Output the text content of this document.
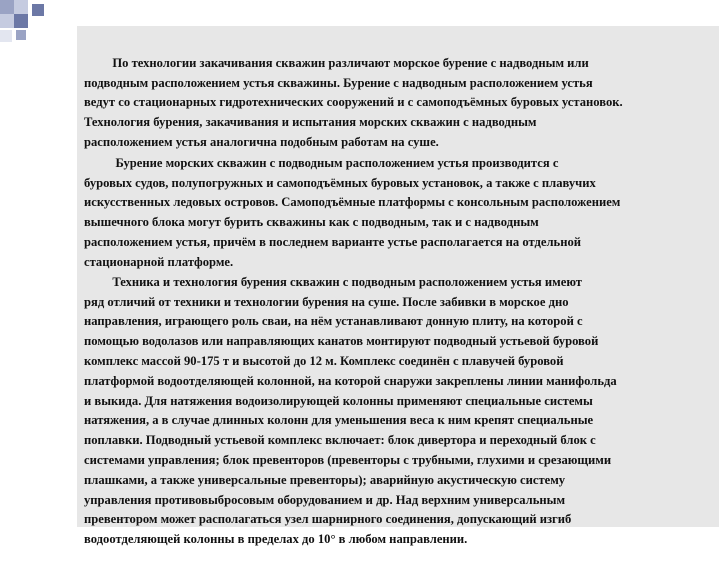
По технологии закачивания скважин различают морское бурение с надводным или
подводным расположением устья скважины. Бурение с надводным расположением устья
ведут со стационарных гидротехнических сооружений и с самоподъёмных буровых установок.
Технология бурения, закачивания и испытания морских скважин с надводным
расположением устья аналогична подобным работам на суше.

Бурение морских скважин с подводным расположением устья производится с
буровых судов, полупогружных и самоподъёмных буровых установок, а также с плавучих
искусственных ледовых островов. Самоподъёмные платформы с консольным расположением
вышечного блока могут бурить скважины как с подводным, так и с надводным
расположением устья, причём в последнем варианте устье располагается на отдельной
стационарной платформе.

Техника и технология бурения скважин с подводным расположением устья имеют
ряд отличий от техники и технологии бурения на суше. После забивки в морское дно
направления, играющего роль сваи, на нём устанавливают донную плиту, на которой с
помощью водолазов или направляющих канатов монтируют подводный устьевой буровой
комплекс массой 90-175 т и высотой до 12 м. Комплекс соединён с плавучей буровой
платформой водоотделяющей колонной, на которой снаружи закреплены линии манифольда
и выкида. Для натяжения водоизолирующей колонны применяют специальные системы
натяжения, а в случае длинных колонн для уменьшения веса к ним крепят специальные
поплавки. Подводный устьевой комплекс включает: блок дивертора и переходный блок с
системами управления; блок превенторов (превенторы с трубными, глухими и срезающими
плашками, а также универсальные превенторы); аварийную акустическую систему
управления противовыбросовым оборудованием и др. Над верхним универсальным
превентором может располагаться узел шарнирного соединения, допускающий изгиб
водоотделяющей колонны в пределах до 10° в любом направлении.
